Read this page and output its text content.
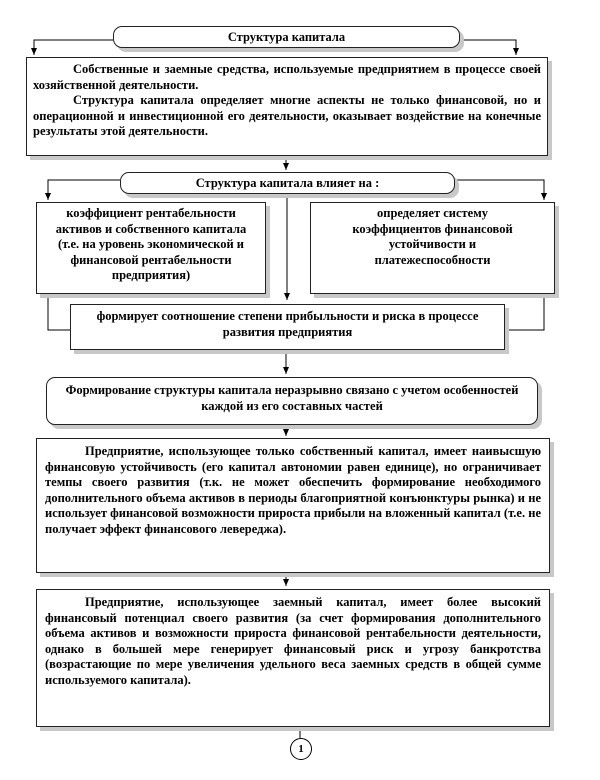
Структура капитала

Собственные и заемные средства, используемые предприятием в процессе своей хозяйственной деятельности.

Структура капитала определяет многие аспекты не только финансовой, но и операционной и инвестиционной его деятельности, оказывает воздействие на конечные результаты этой деятельности.

Структура капитала влияет на :
коэффициент рентабельности активов и собственного капитала (т.е. на уровень экономической и финансовой рентабельности предприятия)
определяет систему коэффициентов финансовой устойчивости и платежеспособности
формирует соотношение степени прибыльности и риска в процессе развития предприятия
Формирование структуры капитала неразрывно связано с учетом особенностей каждой из его составных частей

Предприятие, использующее только собственный капитал, имеет наивысшую финансовую устойчивость (его капитал автономии равен единице), но ограничивает темпы своего развития (т.к. не может обеспечить формирование необходимого дополнительного объема активов в периоды благоприятной конъюнктуры рынка) и не использует финансовой возможности прироста прибыли на вложенный капитал (т.е. не получает эффект финансового левереджа).

Предприятие, использующее заемный капитал, имеет более высокий финансовый потенциал своего развития (за счет формирования дополнительного объема активов и возможности прироста финансовой рентабельности деятельности, однако в большей мере генерирует финансовый риск и угрозу банкротства (возрастающие по мере увеличения удельного веса заемных средств в общей сумме используемого капитала).

1
